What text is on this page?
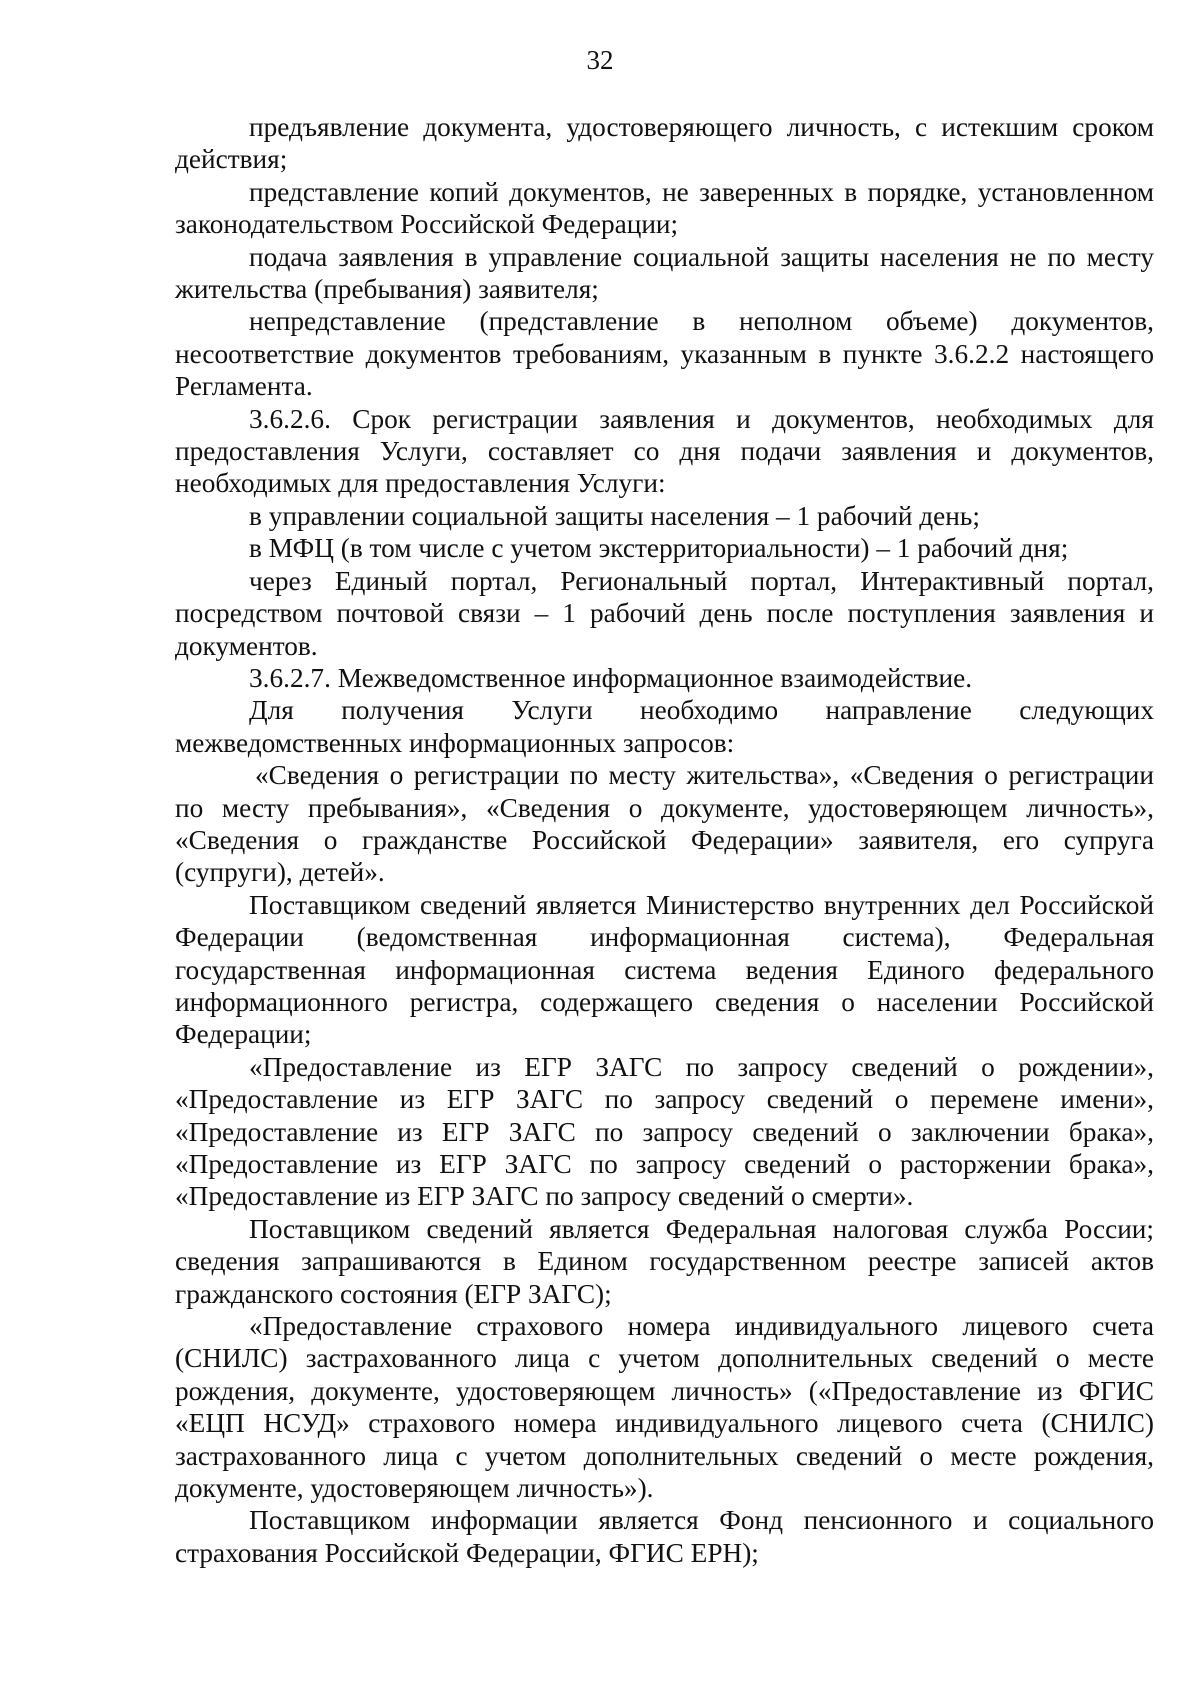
32

предъявление документа, удостоверяющего личность, с истекшим сроком действия;

представление копий документов, не заверенных в порядке, установленном законодательством Российской Федерации;

подача заявления в управление социальной защиты населения не по месту жительства (пребывания) заявителя;

непредставление (представление в неполном объеме) документов, несоответствие документов требованиям, указанным в пункте 3.6.2.2 настоящего Регламента.

3.6.2.6. Срок регистрации заявления и документов, необходимых для предоставления Услуги, составляет со дня подачи заявления и документов, необходимых для предоставления Услуги:

в управлении социальной защиты населения – 1 рабочий день;

в МФЦ (в том числе с учетом экстерриториальности) – 1 рабочий дня;

через Единый портал, Региональный портал, Интерактивный портал, посредством почтовой связи – 1 рабочий день после поступления заявления и документов.

3.6.2.7. Межведомственное информационное взаимодействие.

Для получения Услуги необходимо направление следующих межведомственных информационных запросов:

«Сведения о регистрации по месту жительства», «Сведения о регистрации по месту пребывания», «Сведения о документе, удостоверяющем личность», «Сведения о гражданстве Российской Федерации» заявителя, его супруга (супруги), детей».

Поставщиком сведений является Министерство внутренних дел Российской Федерации (ведомственная информационная система), Федеральная государственная информационная система ведения Единого федерального информационного регистра, содержащего сведения о населении Российской Федерации;

«Предоставление из ЕГР ЗАГС по запросу сведений о рождении», «Предоставление из ЕГР ЗАГС по запросу сведений о перемене имени», «Предоставление из ЕГР ЗАГС по запросу сведений о заключении брака», «Предоставление из ЕГР ЗАГС по запросу сведений о расторжении брака», «Предоставление из ЕГР ЗАГС по запросу сведений о смерти».

Поставщиком сведений является Федеральная налоговая служба России; сведения запрашиваются в Едином государственном реестре записей актов гражданского состояния (ЕГР ЗАГС);

«Предоставление страхового номера индивидуального лицевого счета (СНИЛС) застрахованного лица с учетом дополнительных сведений о месте рождения, документе, удостоверяющем личность» («Предоставление из ФГИС «ЕЦП НСУД» страхового номера индивидуального лицевого счета (СНИЛС) застрахованного лица с учетом дополнительных сведений о месте рождения, документе, удостоверяющем личность»).

Поставщиком информации является Фонд пенсионного и социального страхования Российской Федерации, ФГИС ЕРН);
